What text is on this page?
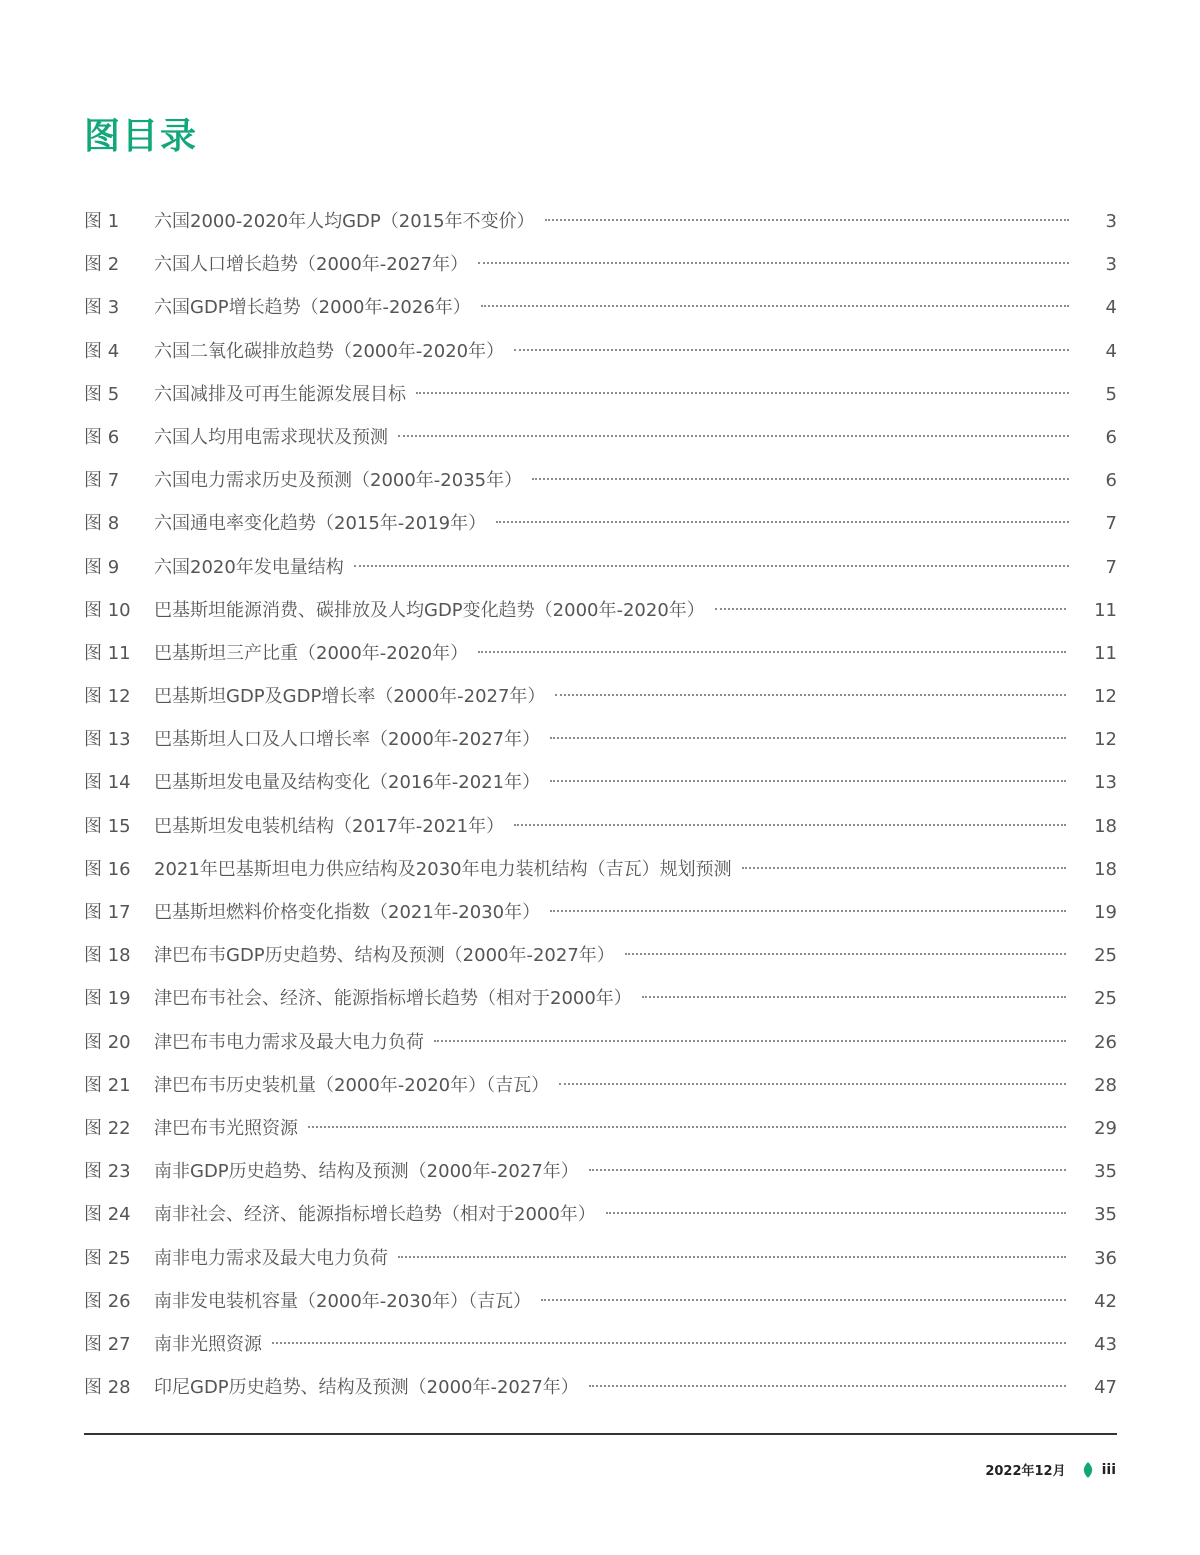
图目录
图 1	六国2000-2020年人均GDP（2015年不变价）	3
图 2	六国人口增长趋势（2000年-2027年）	3
图 3	六国GDP增长趋势（2000年-2026年）	4
图 4	六国二氧化碳排放趋势（2000年-2020年）	4
图 5	六国减排及可再生能源发展目标	5
图 6	六国人均用电需求现状及预测	6
图 7	六国电力需求历史及预测（2000年-2035年）	6
图 8	六国通电率变化趋势（2015年-2019年）	7
图 9	六国2020年发电量结构	7
图 10	巴基斯坦能源消费、碳排放及人均GDP变化趋势（2000年-2020年）	11
图 11	巴基斯坦三产比重（2000年-2020年）	11
图 12	巴基斯坦GDP及GDP增长率（2000年-2027年）	12
图 13	巴基斯坦人口及人口增长率（2000年-2027年）	12
图 14	巴基斯坦发电量及结构变化（2016年-2021年）	13
图 15	巴基斯坦发电装机结构（2017年-2021年）	18
图 16	2021年巴基斯坦电力供应结构及2030年电力装机结构（吉瓦）规划预测	18
图 17	巴基斯坦燃料价格变化指数（2021年-2030年）	19
图 18	津巴布韦GDP历史趋势、结构及预测（2000年-2027年）	25
图 19	津巴布韦社会、经济、能源指标增长趋势（相对于2000年）	25
图 20	津巴布韦电力需求及最大电力负荷	26
图 21	津巴布韦历史装机量（2000年-2020年）（吉瓦）	28
图 22	津巴布韦光照资源	29
图 23	南非GDP历史趋势、结构及预测（2000年-2027年）	35
图 24	南非社会、经济、能源指标增长趋势（相对于2000年）	35
图 25	南非电力需求及最大电力负荷	36
图 26	南非发电装机容量（2000年-2030年）（吉瓦）	42
图 27	南非光照资源	43
图 28	印尼GDP历史趋势、结构及预测（2000年-2027年）	47
2022年12月	iii
